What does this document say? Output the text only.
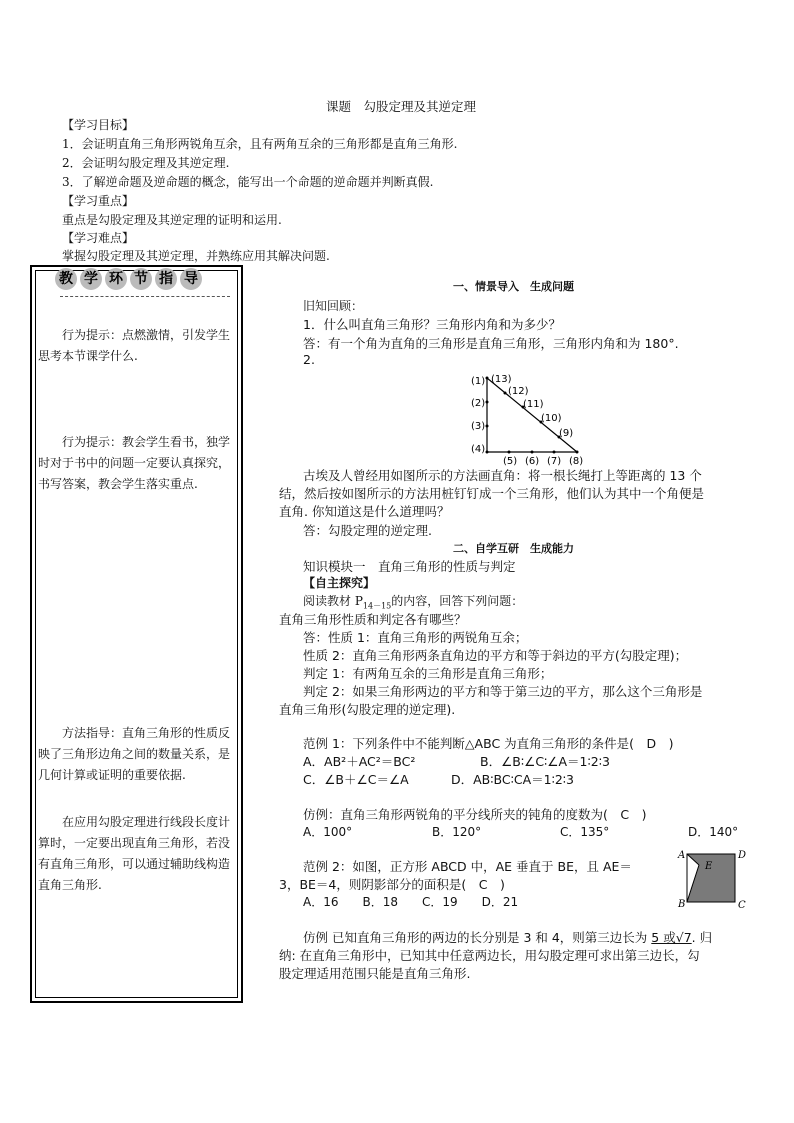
课题　勾股定理及其逆定理
【学习目标】
1．会证明直角三角形两锐角互余，且有两角互余的三角形都是直角三角形.
2．会证明勾股定理及其逆定理.
3．了解逆命题及逆命题的概念，能写出一个命题的逆命题并判断真假.
【学习重点】
重点是勾股定理及其逆定理的证明和运用.
【学习难点】
掌握勾股定理及其逆定理，并熟练应用其解决问题.
教 学 环 节 指 导
行为提示：点燃激情，引发学生思考本节课学什么.
行为提示：教会学生看书，独学时对于书中的问题一定要认真探究，书写答案，教会学生落实重点.
方法指导：直角三角形的性质反映了三角形边角之间的数量关系，是几何计算或证明的重要依据.
在应用勾股定理进行线段长度计算时，一定要出现直角三角形，若没有直角三角形，可以通过辅助线构造直角三角形.
一、情景导入　生成问题
旧知回顾：
1．什么叫直角三角形？三角形内角和为多少？
答：有一个角为直角的三角形是直角三角形，三角形内角和为 180°.
2.
(1)
(2)
(3)
(4)
(5) (6) (7) (8)
(9)
(10)
(11)
(12)
(13)
古埃及人曾经用如图所示的方法画直角：将一根长绳打上等距离的 13 个
结，然后按如图所示的方法用桩钉钉成一个三角形，他们认为其中一个角便是
直角. 你知道这是什么道理吗？
答：勾股定理的逆定理.
二、自学互研　生成能力
知识模块一　直角三角形的性质与判定
【自主探究】
阅读教材 $P_{14-15}$的内容，回答下列问题：
直角三角形性质和判定各有哪些？
答：性质 1：直角三角形的两锐角互余；
性质 2：直角三角形两条直角边的平方和等于斜边的平方(勾股定理)；
判定 1：有两角互余的三角形是直角三角形；
判定 2：如果三角形两边的平方和等于第三边的平方，那么这个三角形是
直角三角形(勾股定理的逆定理).
范例 1：下列条件中不能判断△ABC 为直角三角形的条件是(　D　)
A．AB²＋AC²＝BC²	B．∠B∶∠C∶∠A＝1∶2∶3
C．∠B＋∠C＝∠A	D．AB∶BC∶CA＝1∶2∶3
仿例：直角三角形两锐角的平分线所夹的钝角的度数为(　C　)
A．100°	B．120°	C．135°	D．140°
范例 2：如图，正方形 ABCD 中，AE 垂直于 BE，且 AE＝
3，BE＝4，则阴影部分的面积是(　C　)
A．16　　B．18　　C．19　　D．21
A	D
E
B	C
仿例 已知直角三角形的两边的长分别是 3 和 4，则第三边长为 5 或√7. 归
纳: 在直角三角形中，已知其中任意两边长，用勾股定理可求出第三边长，勾
股定理适用范围只能是直角三角形.
